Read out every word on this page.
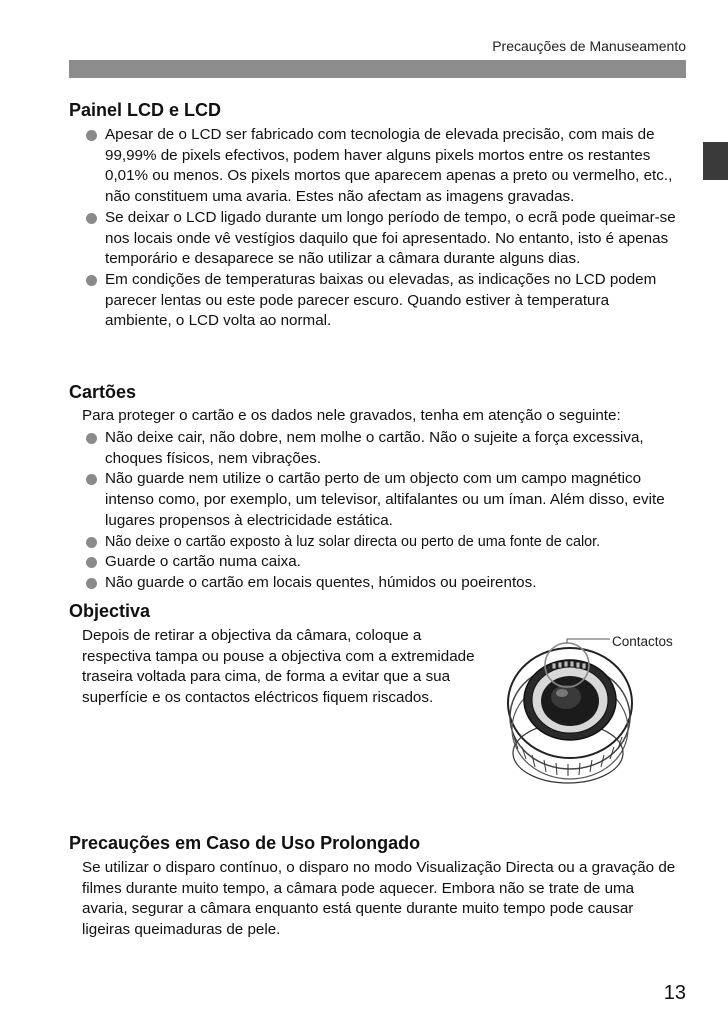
Precauções de Manuseamento
Painel LCD e LCD
Apesar de o LCD ser fabricado com tecnologia de elevada precisão, com mais de 99,99% de pixels efectivos, podem haver alguns pixels mortos entre os restantes 0,01% ou menos. Os pixels mortos que aparecem apenas a preto ou vermelho, etc., não constituem uma avaria. Estes não afectam as imagens gravadas.
Se deixar o LCD ligado durante um longo período de tempo, o ecrã pode queimar-se nos locais onde vê vestígios daquilo que foi apresentado. No entanto, isto é apenas temporário e desaparece se não utilizar a câmara durante alguns dias.
Em condições de temperaturas baixas ou elevadas, as indicações no LCD podem parecer lentas ou este pode parecer escuro. Quando estiver à temperatura ambiente, o LCD volta ao normal.
Cartões

Para proteger o cartão e os dados nele gravados, tenha em atenção o seguinte:

Não deixe cair, não dobre, nem molhe o cartão. Não o sujeite a força excessiva, choques físicos, nem vibrações.
Não guarde nem utilize o cartão perto de um objecto com um campo magnético intenso como, por exemplo, um televisor, altifalantes ou um íman. Além disso, evite lugares propensos à electricidade estática.
Não deixe o cartão exposto à luz solar directa ou perto de uma fonte de calor.
Guarde o cartão numa caixa.
Não guarde o cartão em locais quentes, húmidos ou poeirentos.
Objectiva

Depois de retirar a objectiva da câmara, coloque a respectiva tampa ou pouse a objectiva com a extremidade traseira voltada para cima, de forma a evitar que a sua superfície e os contactos eléctricos fiquem riscados.

Contactos
Precauções em Caso de Uso Prolongado

Se utilizar o disparo contínuo, o disparo no modo Visualização Directa ou a gravação de filmes durante muito tempo, a câmara pode aquecer. Embora não se trate de uma avaria, segurar a câmara enquanto está quente durante muito tempo pode causar ligeiras queimaduras de pele.

13
